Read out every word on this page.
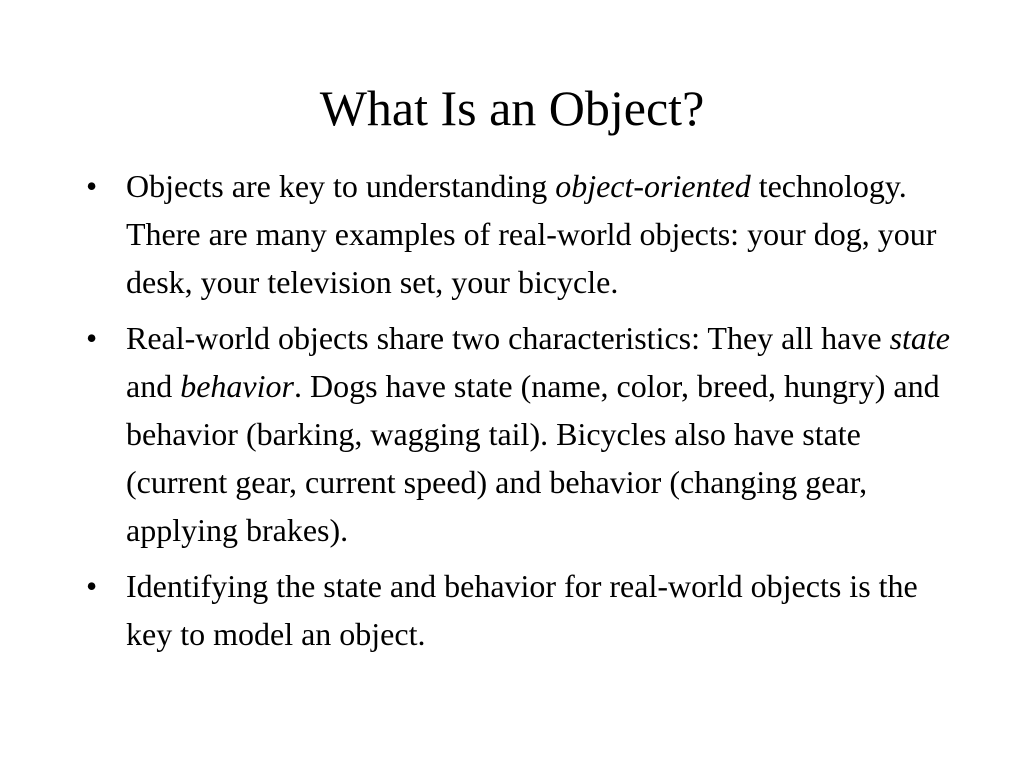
What Is an Object?
• Objects are key to understanding object-oriented technology. There are many examples of real-world objects: your dog, your desk, your television set, your bicycle.
• Real-world objects share two characteristics: They all have state and behavior. Dogs have state (name, color, breed, hungry) and behavior (barking, wagging tail). Bicycles also have state (current gear, current speed) and behavior (changing gear, applying brakes).
• Identifying the state and behavior for real-world objects is the key to model an object.
